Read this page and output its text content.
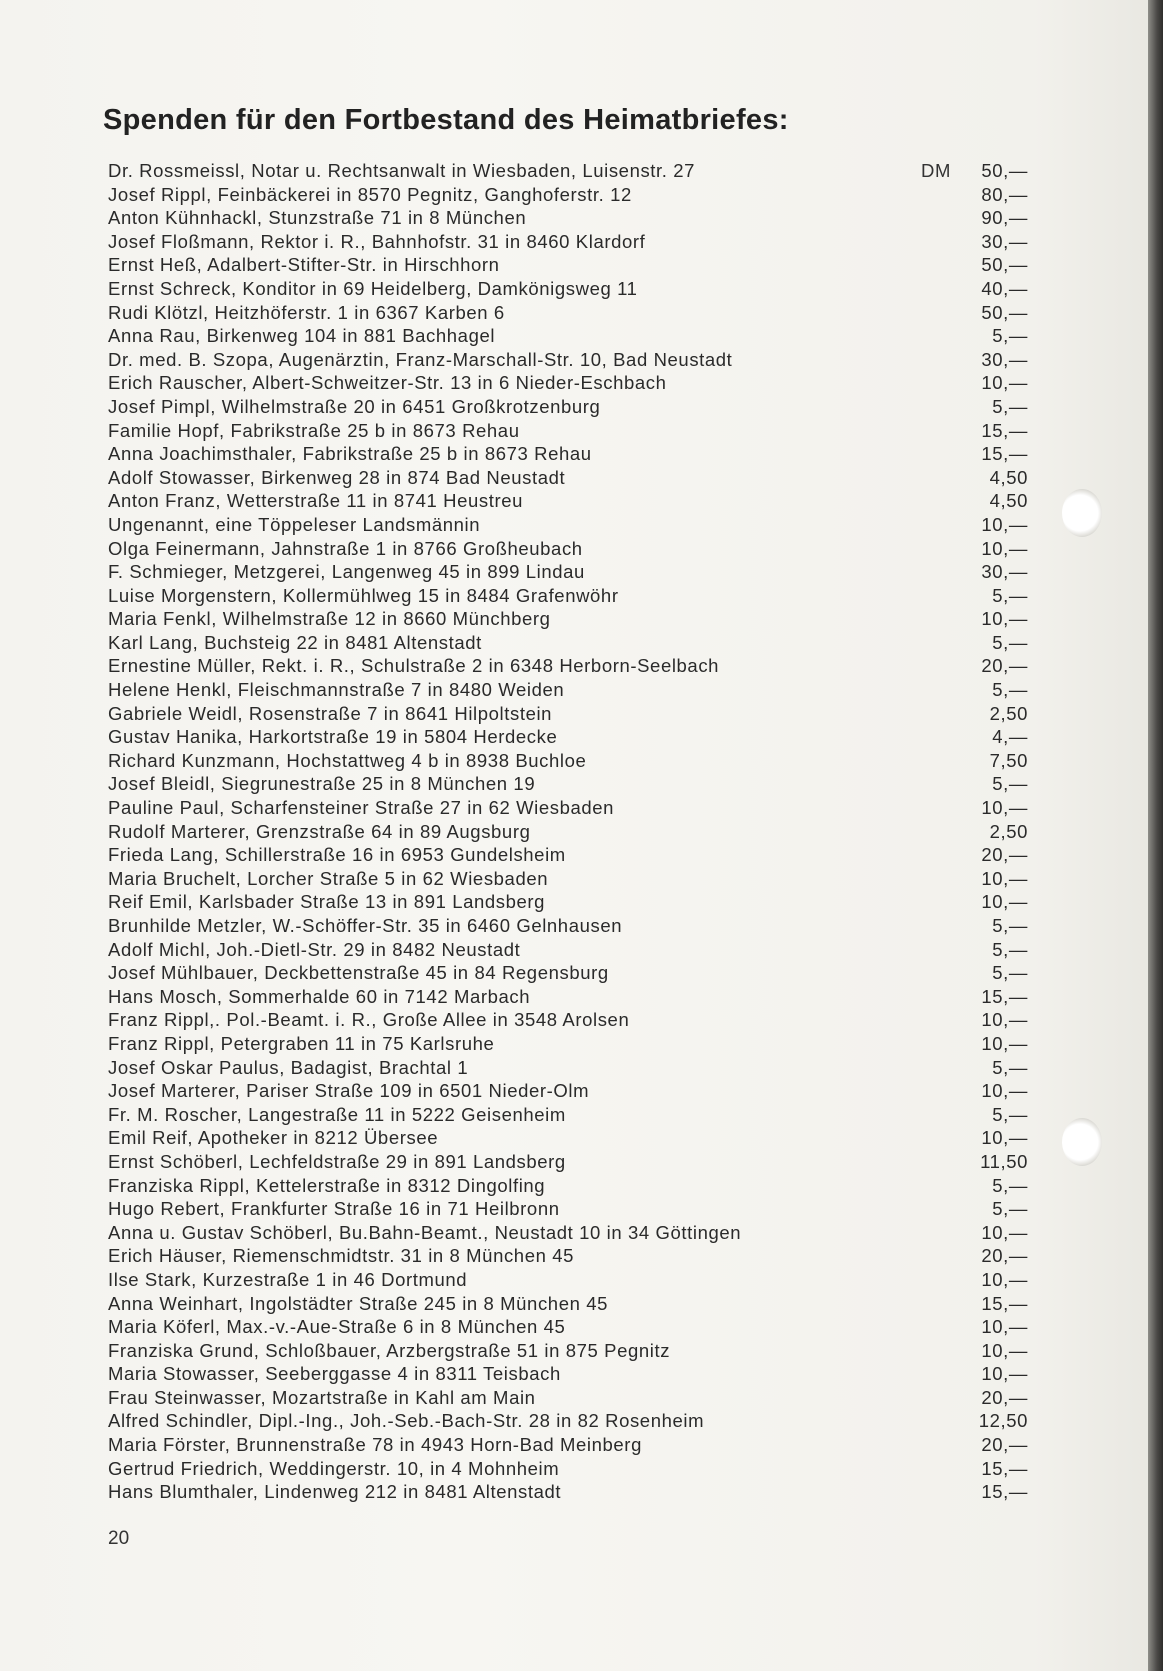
Spenden für den Fortbestand des Heimatbriefes:
DM
Dr. Rossmeissl, Notar u. Rechtsanwalt in Wiesbaden, Luisenstr. 27	50,—
Josef Rippl, Feinbäckerei in 8570 Pegnitz, Ganghoferstr. 12	80,—
Anton Kühnhackl, Stunzstraße 71 in 8 München	90,—
Josef Floßmann, Rektor i. R., Bahnhofstr. 31 in 8460 Klardorf	30,—
Ernst Heß, Adalbert-Stifter-Str. in Hirschhorn	50,—
Ernst Schreck, Konditor in 69 Heidelberg, Damkönigsweg 11	40,—
Rudi Klötzl, Heitzhöferstr. 1 in 6367 Karben 6	50,—
Anna Rau, Birkenweg 104 in 881 Bachhagel	5,—
Dr. med. B. Szopa, Augenärztin, Franz-Marschall-Str. 10, Bad Neustadt	30,—
Erich Rauscher, Albert-Schweitzer-Str. 13 in 6 Nieder-Eschbach	10,—
Josef Pimpl, Wilhelmstraße 20 in 6451 Großkrotzenburg	5,—
Familie Hopf, Fabrikstraße 25 b in 8673 Rehau	15,—
Anna Joachimsthaler, Fabrikstraße 25 b in 8673 Rehau	15,—
Adolf Stowasser, Birkenweg 28 in 874 Bad Neustadt	4,50
Anton Franz, Wetterstraße 11 in 8741 Heustreu	4,50
Ungenannt, eine Töppeleser Landsmännin	10,—
Olga Feinermann, Jahnstraße 1 in 8766 Großheubach	10,—
F. Schmieger, Metzgerei, Langenweg 45 in 899 Lindau	30,—
Luise Morgenstern, Kollermühlweg 15 in 8484 Grafenwöhr	5,—
Maria Fenkl, Wilhelmstraße 12 in 8660 Münchberg	10,—
Karl Lang, Buchsteig 22 in 8481 Altenstadt	5,—
Ernestine Müller, Rekt. i. R., Schulstraße 2 in 6348 Herborn-Seelbach	20,—
Helene Henkl, Fleischmannstraße 7 in 8480 Weiden	5,—
Gabriele Weidl, Rosenstraße 7 in 8641 Hilpoltstein	2,50
Gustav Hanika, Harkortstraße 19 in 5804 Herdecke	4,—
Richard Kunzmann, Hochstattweg 4 b in 8938 Buchloe	7,50
Josef Bleidl, Siegrunestraße 25 in 8 München 19	5,—
Pauline Paul, Scharfensteiner Straße 27 in 62 Wiesbaden	10,—
Rudolf Marterer, Grenzstraße 64 in 89 Augsburg	2,50
Frieda Lang, Schillerstraße 16 in 6953 Gundelsheim	20,—
Maria Bruchelt, Lorcher Straße 5 in 62 Wiesbaden	10,—
Reif Emil, Karlsbader Straße 13 in 891 Landsberg	10,—
Brunhilde Metzler, W.-Schöffer-Str. 35 in 6460 Gelnhausen	5,—
Adolf Michl, Joh.-Dietl-Str. 29 in 8482 Neustadt	5,—
Josef Mühlbauer, Deckbettenstraße 45 in 84 Regensburg	5,—
Hans Mosch, Sommerhalde 60 in 7142 Marbach	15,—
Franz Rippl,. Pol.-Beamt. i. R., Große Allee in 3548 Arolsen	10,—
Franz Rippl, Petergraben 11 in 75 Karlsruhe	10,—
Josef Oskar Paulus, Badagist, Brachtal 1	5,—
Josef Marterer, Pariser Straße 109 in 6501 Nieder-Olm	10,—
Fr. M. Roscher, Langestraße 11 in 5222 Geisenheim	5,—
Emil Reif, Apotheker in 8212 Übersee	10,—
Ernst Schöberl, Lechfeldstraße 29 in 891 Landsberg	11,50
Franziska Rippl, Kettelerstraße in 8312 Dingolfing	5,—
Hugo Rebert, Frankfurter Straße 16 in 71 Heilbronn	5,—
Anna u. Gustav Schöberl, Bu.Bahn-Beamt., Neustadt 10 in 34 Göttingen	10,—
Erich Häuser, Riemenschmidtstr. 31 in 8 München 45	20,—
Ilse Stark, Kurzestraße 1 in 46 Dortmund	10,—
Anna Weinhart, Ingolstädter Straße 245 in 8 München 45	15,—
Maria Köferl, Max.-v.-Aue-Straße 6 in 8 München 45	10,—
Franziska Grund, Schloßbauer, Arzbergstraße 51 in 875 Pegnitz	10,—
Maria Stowasser, Seeberggasse 4 in 8311 Teisbach	10,—
Frau Steinwasser, Mozartstraße in Kahl am Main	20,—
Alfred Schindler, Dipl.-Ing., Joh.-Seb.-Bach-Str. 28 in 82 Rosenheim	12,50
Maria Förster, Brunnenstraße 78 in 4943 Horn-Bad Meinberg	20,—
Gertrud Friedrich, Weddingerstr. 10, in 4 Mohnheim	15,—
Hans Blumthaler, Lindenweg 212 in 8481 Altenstadt	15,—
20
